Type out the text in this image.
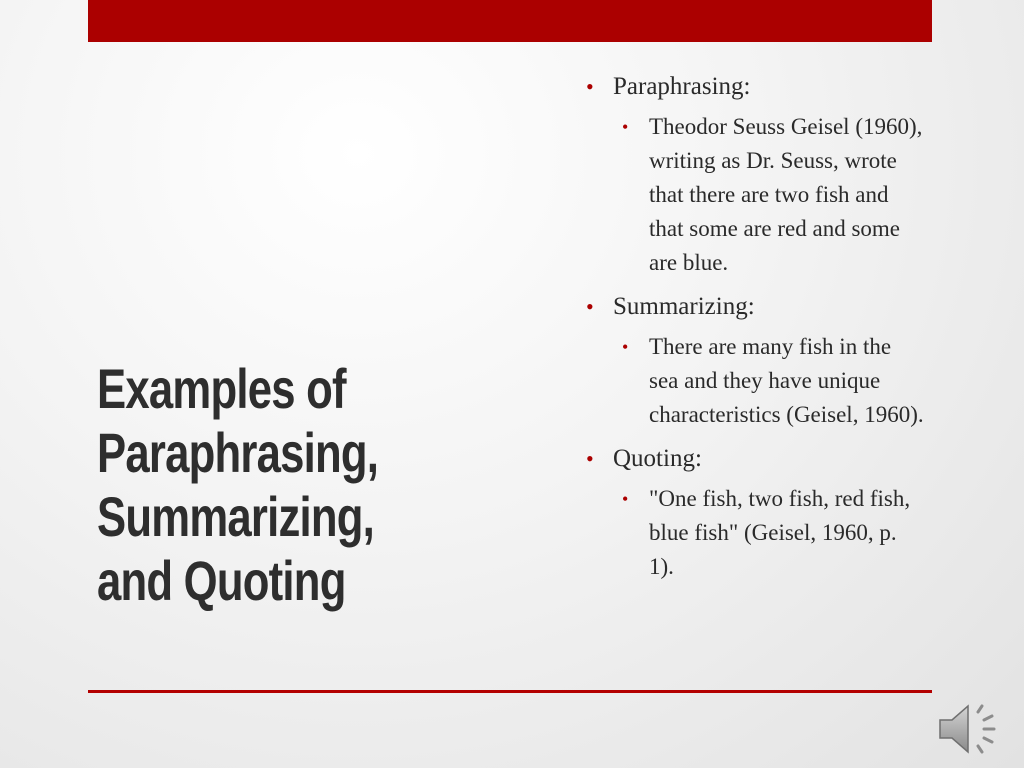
Examples of
Paraphrasing,
Summarizing,
and Quoting
• Paraphrasing:
• Theodor Seuss Geisel (1960), writing as Dr. Seuss, wrote that there are two fish and that some are red and some are blue.
• Summarizing:
• There are many fish in the sea and they have unique characteristics (Geisel, 1960).
• Quoting:
• "One fish, two fish, red fish, blue fish" (Geisel, 1960, p. 1).
